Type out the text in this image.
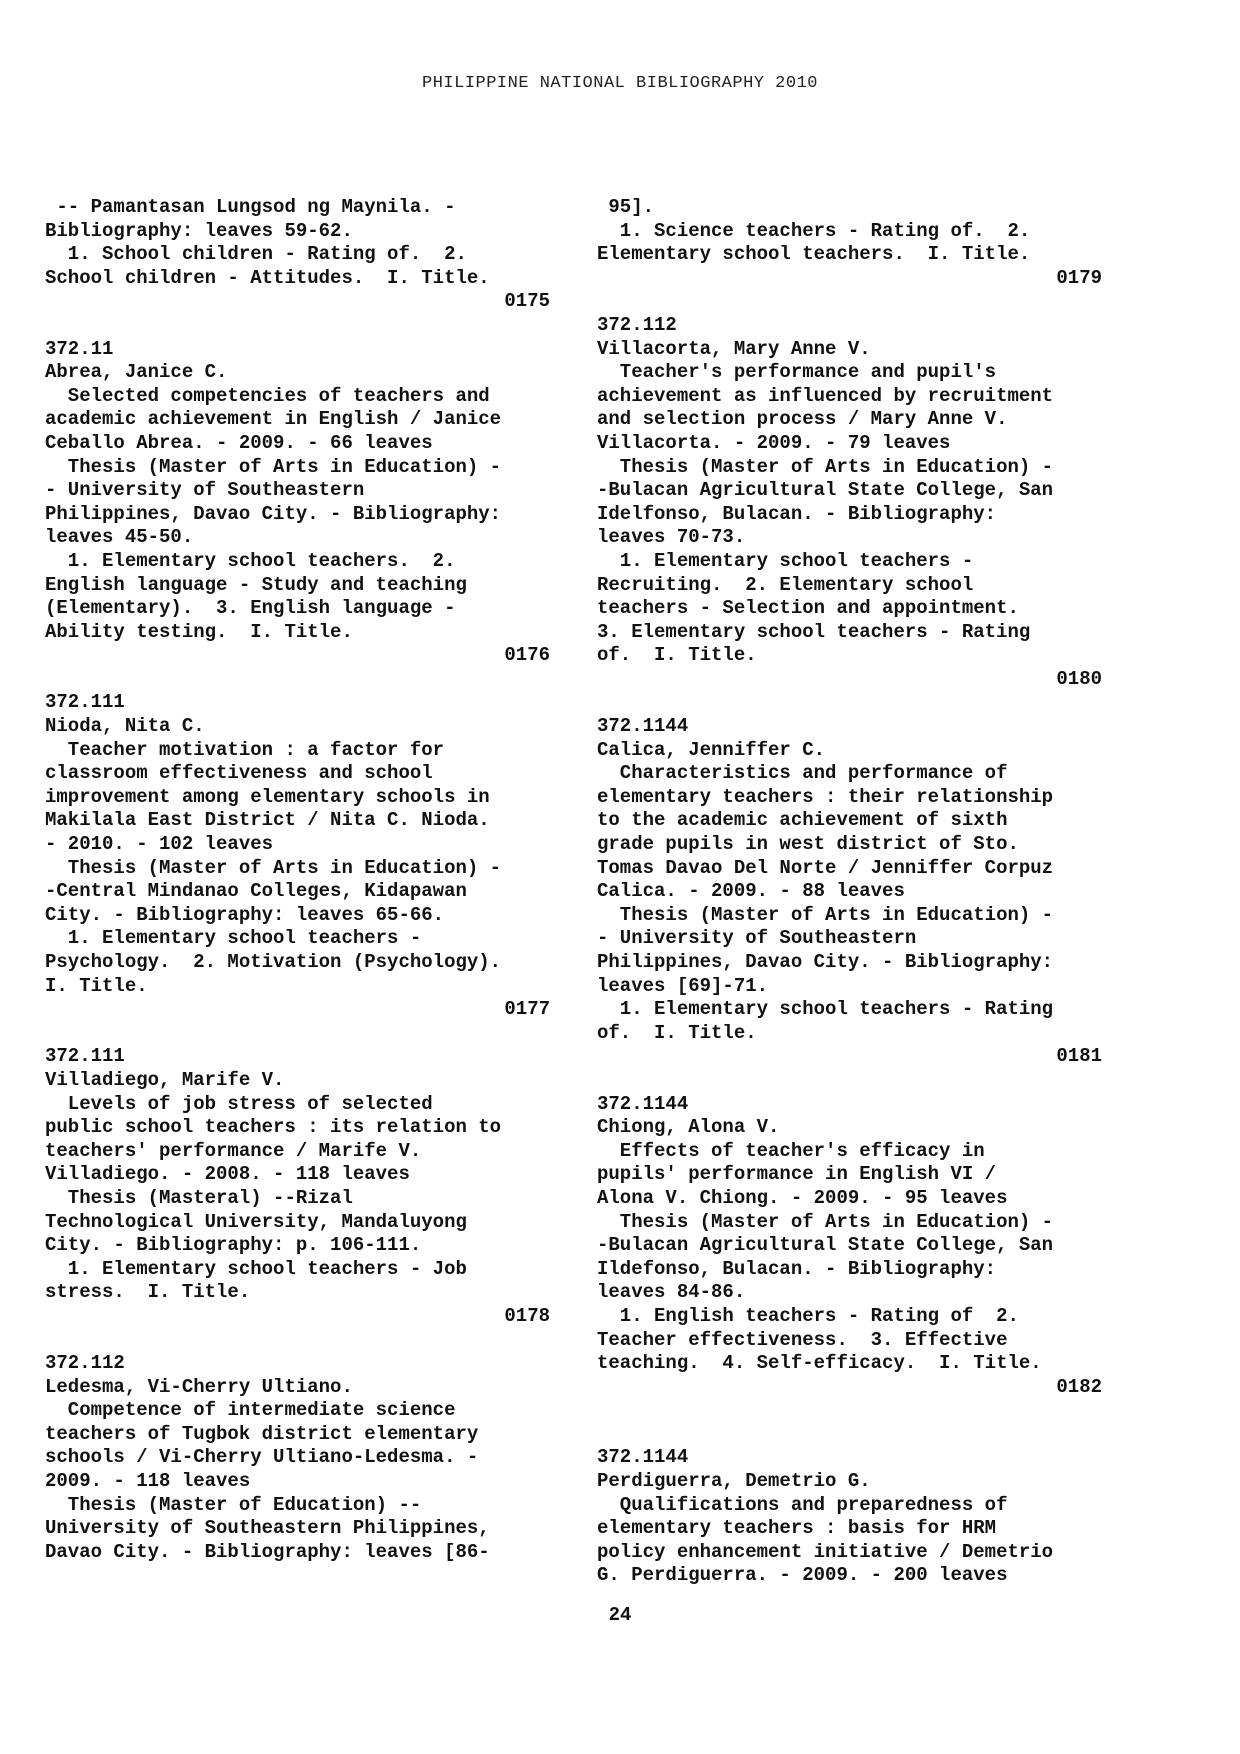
PHILIPPINE NATIONAL BIBLIOGRAPHY 2010
-- Pamantasan Lungsod ng Maynila. -
Bibliography: leaves 59-62.
1. School children - Rating of.  2.
School children - Attitudes.  I. Title.
0175

372.11
Abrea, Janice C.
Selected competencies of teachers and
academic achievement in English / Janice
Ceballo Abrea. - 2009. - 66 leaves
Thesis (Master of Arts in Education) -
- University of Southeastern
Philippines, Davao City. - Bibliography:
leaves 45-50.
1. Elementary school teachers.  2.
English language - Study and teaching
(Elementary).  3. English language -
Ability testing.  I. Title.
0176

372.111
Nioda, Nita C.
Teacher motivation : a factor for
classroom effectiveness and school
improvement among elementary schools in
Makilala East District / Nita C. Nioda.
- 2010. - 102 leaves
Thesis (Master of Arts in Education) -
-Central Mindanao Colleges, Kidapawan
City. - Bibliography: leaves 65-66.
1. Elementary school teachers -
Psychology.  2. Motivation (Psychology).
I. Title.
0177

372.111
Villadiego, Marife V.
Levels of job stress of selected
public school teachers : its relation to
teachers' performance / Marife V.
Villadiego. - 2008. - 118 leaves
Thesis (Masteral) --Rizal
Technological University, Mandaluyong
City. - Bibliography: p. 106-111.
1. Elementary school teachers - Job
stress.  I. Title.
0178

372.112
Ledesma, Vi-Cherry Ultiano.
Competence of intermediate science
teachers of Tugbok district elementary
schools / Vi-Cherry Ultiano-Ledesma. -
2009. - 118 leaves
Thesis (Master of Education) --
University of Southeastern Philippines,
Davao City. - Bibliography: leaves [86-
95].
1. Science teachers - Rating of.  2.
Elementary school teachers.  I. Title.
0179

372.112
Villacorta, Mary Anne V.
Teacher's performance and pupil's
achievement as influenced by recruitment
and selection process / Mary Anne V.
Villacorta. - 2009. - 79 leaves
Thesis (Master of Arts in Education) -
-Bulacan Agricultural State College, San
Idelfonso, Bulacan. - Bibliography:
leaves 70-73.
1. Elementary school teachers -
Recruiting.  2. Elementary school
teachers - Selection and appointment.
3. Elementary school teachers - Rating
of.  I. Title.
0180

372.1144
Calica, Jenniffer C.
Characteristics and performance of
elementary teachers : their relationship
to the academic achievement of sixth
grade pupils in west district of Sto.
Tomas Davao Del Norte / Jenniffer Corpuz
Calica. - 2009. - 88 leaves
Thesis (Master of Arts in Education) -
- University of Southeastern
Philippines, Davao City. - Bibliography:
leaves [69]-71.
1. Elementary school teachers - Rating
of.  I. Title.
0181

372.1144
Chiong, Alona V.
Effects of teacher's efficacy in
pupils' performance in English VI /
Alona V. Chiong. - 2009. - 95 leaves
Thesis (Master of Arts in Education) -
-Bulacan Agricultural State College, San
Ildefonso, Bulacan. - Bibliography:
leaves 84-86.
1. English teachers - Rating of  2.
Teacher effectiveness.  3. Effective
teaching.  4. Self-efficacy.  I. Title.
0182

372.1144
Perdiguerra, Demetrio G.
Qualifications and preparedness of
elementary teachers : basis for HRM
policy enhancement initiative / Demetrio
G. Perdiguerra. - 2009. - 200 leaves
24
